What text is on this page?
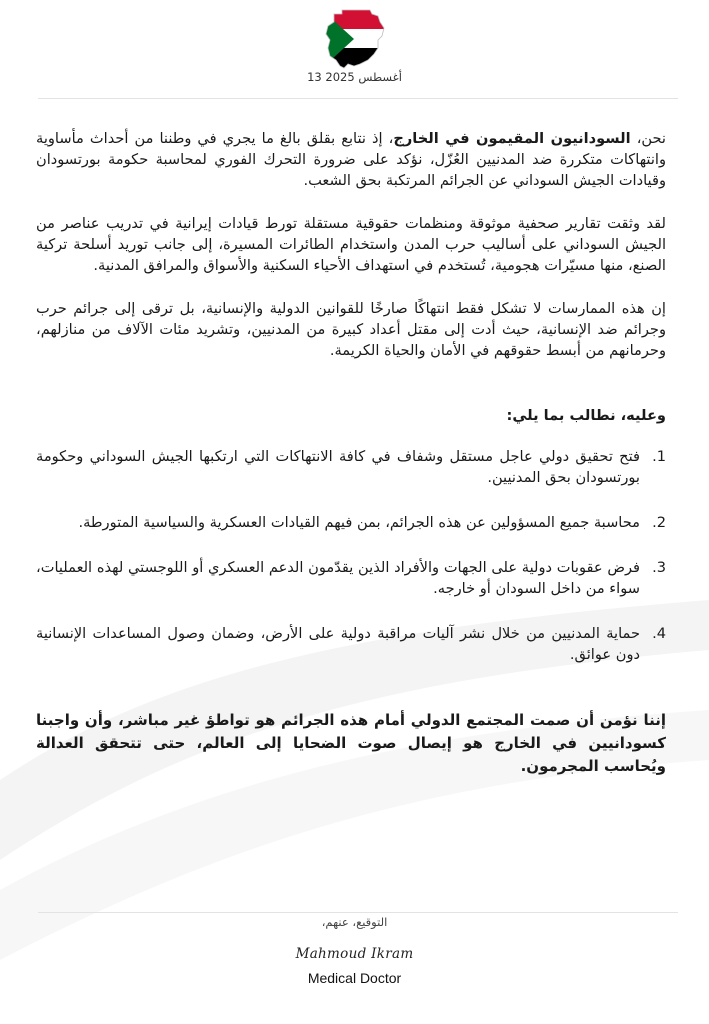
13 أغسطس 2025

نحن، السودانيون المقيمون في الخارج، إذ نتابع بقلق بالغ ما يجري في وطننا من أحداث مأساوية وانتهاكات متكررة ضد المدنيين العُزّل، نؤكد على ضرورة التحرك الفوري لمحاسبة حكومة بورتسودان وقيادات الجيش السوداني عن الجرائم المرتكبة بحق الشعب.

لقد وثقت تقارير صحفية موثوقة ومنظمات حقوقية مستقلة تورط قيادات إيرانية في تدريب عناصر من الجيش السوداني على أساليب حرب المدن واستخدام الطائرات المسيرة، إلى جانب توريد أسلحة تركية الصنع، منها مسيّرات هجومية، تُستخدم في استهداف الأحياء السكنية والأسواق والمرافق المدنية.

إن هذه الممارسات لا تشكل فقط انتهاكًا صارخًا للقوانين الدولية والإنسانية، بل ترقى إلى جرائم حرب وجرائم ضد الإنسانية، حيث أدت إلى مقتل أعداد كبيرة من المدنيين، وتشريد مئات الآلاف من منازلهم، وحرمانهم من أبسط حقوقهم في الأمان والحياة الكريمة.

وعليه، نطالب بما يلي:
1.
فتح تحقيق دولي عاجل مستقل وشفاف في كافة الانتهاكات التي ارتكبها الجيش السوداني وحكومة بورتسودان بحق المدنيين.
2.
محاسبة جميع المسؤولين عن هذه الجرائم، بمن فيهم القيادات العسكرية والسياسية المتورطة.
3.
فرض عقوبات دولية على الجهات والأفراد الذين يقدّمون الدعم العسكري أو اللوجستي لهذه العمليات، سواء من داخل السودان أو خارجه.
4.
حماية المدنيين من خلال نشر آليات مراقبة دولية على الأرض، وضمان وصول المساعدات الإنسانية دون عوائق.
إننا نؤمن أن صمت المجتمع الدولي أمام هذه الجرائم هو تواطؤ غير مباشر، وأن واجبنا كسودانيين في الخارج هو إيصال صوت الضحايا إلى العالم، حتى تتحقق العدالة ويُحاسب المجرمون.
التوقيع، عنهم،
Mahmoud Ikram
Medical Doctor
